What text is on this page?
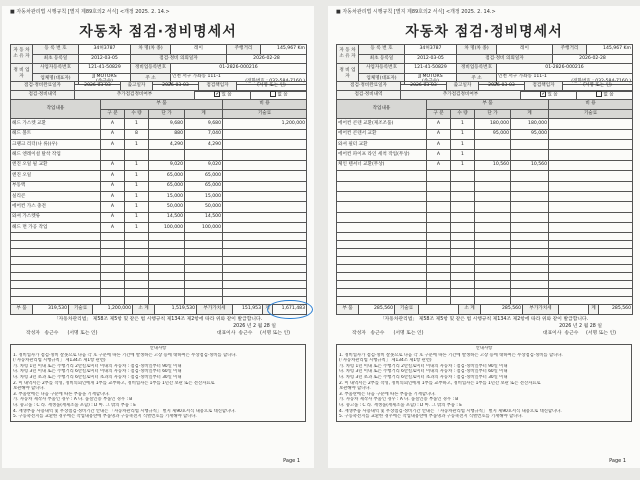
■ 자동차관리법 시행규칙 [별지 제89호의2 서식] <개정 2025. 2. 14.>
자동차 점검·정비명세서
자 동 차 소 유 자	등 록 번 호	34허3787	차 명(차 종)	레이	주행거리	145,967 Km
	최초 등록일	2012-03-05	점검·정비 의뢰일자		2026-02-28	
정 비 업 자	사업자등록번호	121-41-50829	정비업등록번호	01-2826-000216		
	업체명(대표자)	JJ MOTORS
(송근수)	주 소	인천 서구 가좌동 111-1

(전화번호 : 032-584-7160 )		
점검·정비완료일자	2026-03-03	출고일자	2026-03-03	점검책임자	(서명 또는 인)
점검·정비내역	추가점검정비여부	✔ 있 음	없 음
작업내용	부 품				비 용
	구 분	수 량	단 가	계	기술료
헤드 가스켓 교환	A	1	9,680	9,680	1,200,000
헤드 볼트	A	8	880	7,040	
크랭크 리더(나 류)(우)	A	1	4,290	4,290	
헤드 엔레이설 탈착 작업					
엔진 오일 필 교환	A	1	9,020	9,020	
엔진 오일	A	1	65,000	65,000	
부동액	A	1	65,000	65,000	
실리콘	A	1	15,000	15,000	
에어컨 가스 충전	A	1	50,000	50,000	
와셔 가스켓류	A	1	14,500	14,500	
헤드 면 가공 작업	A	1	100,000	100,000	

부 품	319,530	기술료	1,200,000	소 계	1,519,530	부가가치세	151,953	계	1,671,483
「자동차관리법」 제58조 제5항 및 같은 법 시행규칙 제134조 제2항에 따라 위와 같이 발급합니다.
2026 년 2 월 28 일
작성자 송근수 (서명 또는 인)	대표이사 송근수 (서명 또는 인)
안내사항
1. 정비업자가 점검·정비 잘못으로 다음 각 호 구분에 따른 기간에 발생하는 고장 등에 대하여는 무상점검·정비를 합니다.
(「자동차관리법 시행규칙」 제134조 제1항 관련)
가. 차령 1년 이내 또는 주행거리 2만킬로미터 이내의 자동차 : 점검·정비일부터 90일 이내
나. 차령 3년 이내 또는 주행거리 6만킬로미터 이내의 자동차 : 점검·정비일부터 60일 이내
다. 차령 3년 초과 또는 주행거리 6만킬로미터 초과의 자동차 : 점검·정비일부터 30일 이내
2. 이 내역서는 2부를 작성, 정비의뢰인에게 1부를 교부하고, 정비업자는 1부를 1년간 보관 또는 전산자료로
보관해야 합니다.
3. 부품란에는 다음 구분에 따른 부품을 기재합니다.
가. 자동차 제작사 부품인 경우 : A 나. 품질인증 부품인 경우 : B
다. 중고품 : C 라. 재생품(재제조품 포함) : D 마. 그 밖의 부품 : E
4. 재생부품 사용내역 및 무상점검·정비기간 안내는 「자동차관리법 시행규칙」 별지 제90호서식 내용으로 대신합니다.
5. 구동축전지를 교환한 경우에는 작업내용란에 부품명과 구동축전지 식별번호를 기재해야 합니다.
Page 1
■ 자동차관리법 시행규칙 [별지 제89호의2 서식] <개정 2025. 2. 14.>
자동차 점검·정비명세서
자 동 차 소 유 자	등 록 번 호	34허3787	차 명(차 종)	레이	주행거리	145,967 Km
	최초 등록일	2012-03-05	점검·정비 의뢰일자		2026-02-28	
정 비 업 자	사업자등록번호	121-41-50829	정비업등록번호	01-2826-000216		
	업체명(대표자)	JJ MOTORS
(송근수)	주 소	인천 서구 가좌동 111-1

(전화번호 : 032-584-7160 )		
점검·정비완료일자	2026-03-03	출고일자	2026-03-03	점검책임자	(서명 또는 인)
점검·정비내역	추가점검정비여부	✔ 있 음	없 음
작업내용	부 품				비 용
	구 분	수 량	단 가	계	기술료
에어컨 콘덴 교환(제조조품)	A	1	180,000	180,000	
에어컨 콘덴서 교환	A	1	95,000	95,000	
와셔 필터 교환	A	1			
에어컨 파이프 라인 세척 작업(무상)	A	1			
체인 텐셔너 교환(무상)	A	1	10,560	10,560	

부 품	285,560	기술료		소 계	285,560	부가가치세		계	285,560
「자동차관리법」 제58조 제5항 및 같은 법 시행규칙 제134조 제2항에 따라 위와 같이 발급합니다.
2026 년 2 월 28 일
작성자 송근수 (서명 또는 인)	대표이사 송근수 (서명 또는 인)
안내사항
1. 정비업자가 점검·정비 잘못으로 다음 각 호 구분에 따른 기간에 발생하는 고장 등에 대하여는 무상점검·정비를 합니다.
(「자동차관리법 시행규칙」 제134조 제1항 관련)
가. 차령 1년 이내 또는 주행거리 2만킬로미터 이내의 자동차 : 점검·정비일부터 90일 이내
나. 차령 3년 이내 또는 주행거리 6만킬로미터 이내의 자동차 : 점검·정비일부터 60일 이내
다. 차령 3년 초과 또는 주행거리 6만킬로미터 초과의 자동차 : 점검·정비일부터 30일 이내
2. 이 내역서는 2부를 작성, 정비의뢰인에게 1부를 교부하고, 정비업자는 1부를 1년간 보관 또는 전산자료로
보관해야 합니다.
3. 부품란에는 다음 구분에 따른 부품을 기재합니다.
가. 자동차 제작사 부품인 경우 : A 나. 품질인증 부품인 경우 : B
다. 중고품 : C 라. 재생품(재제조품 포함) : D 마. 그 밖의 부품 : E
4. 재생부품 사용내역 및 무상점검·정비기간 안내는 「자동차관리법 시행규칙」 별지 제90호서식 내용으로 대신합니다.
5. 구동축전지를 교환한 경우에는 작업내용란에 부품명과 구동축전지 식별번호를 기재해야 합니다.
Page 1
